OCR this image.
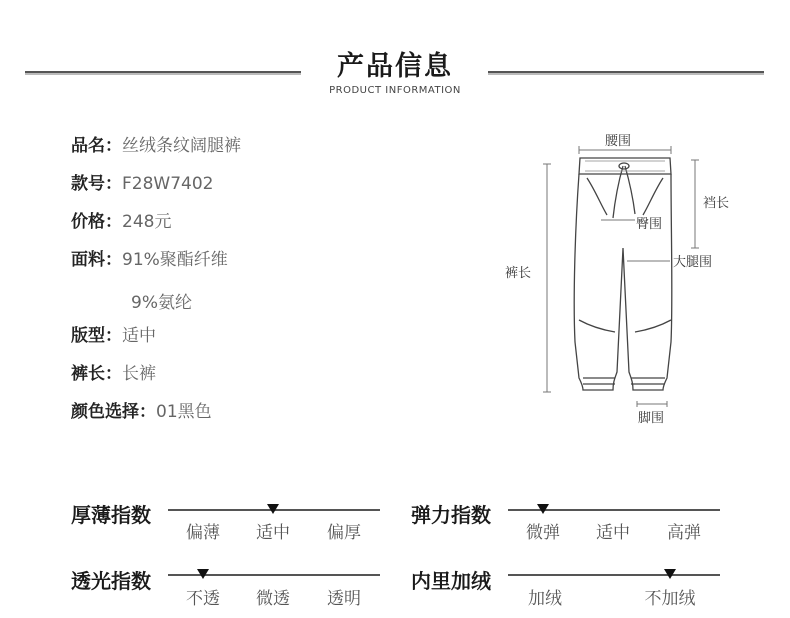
产品信息
PRODUCT INFORMATION
品名：丝绒条纹阔腿裤
款号：F28W7402
价格：248元
面料：91%聚酯纤维
9%氨纶
版型：适中
裤长：长裤
颜色选择：01黑色
腰围
裆长
臀围
大腿围
裤长
脚围
厚薄指数
偏薄 适中 偏厚
弹力指数
微弹 适中 高弹
透光指数
不透 微透 透明
内里加绒
加绒	不加绒
